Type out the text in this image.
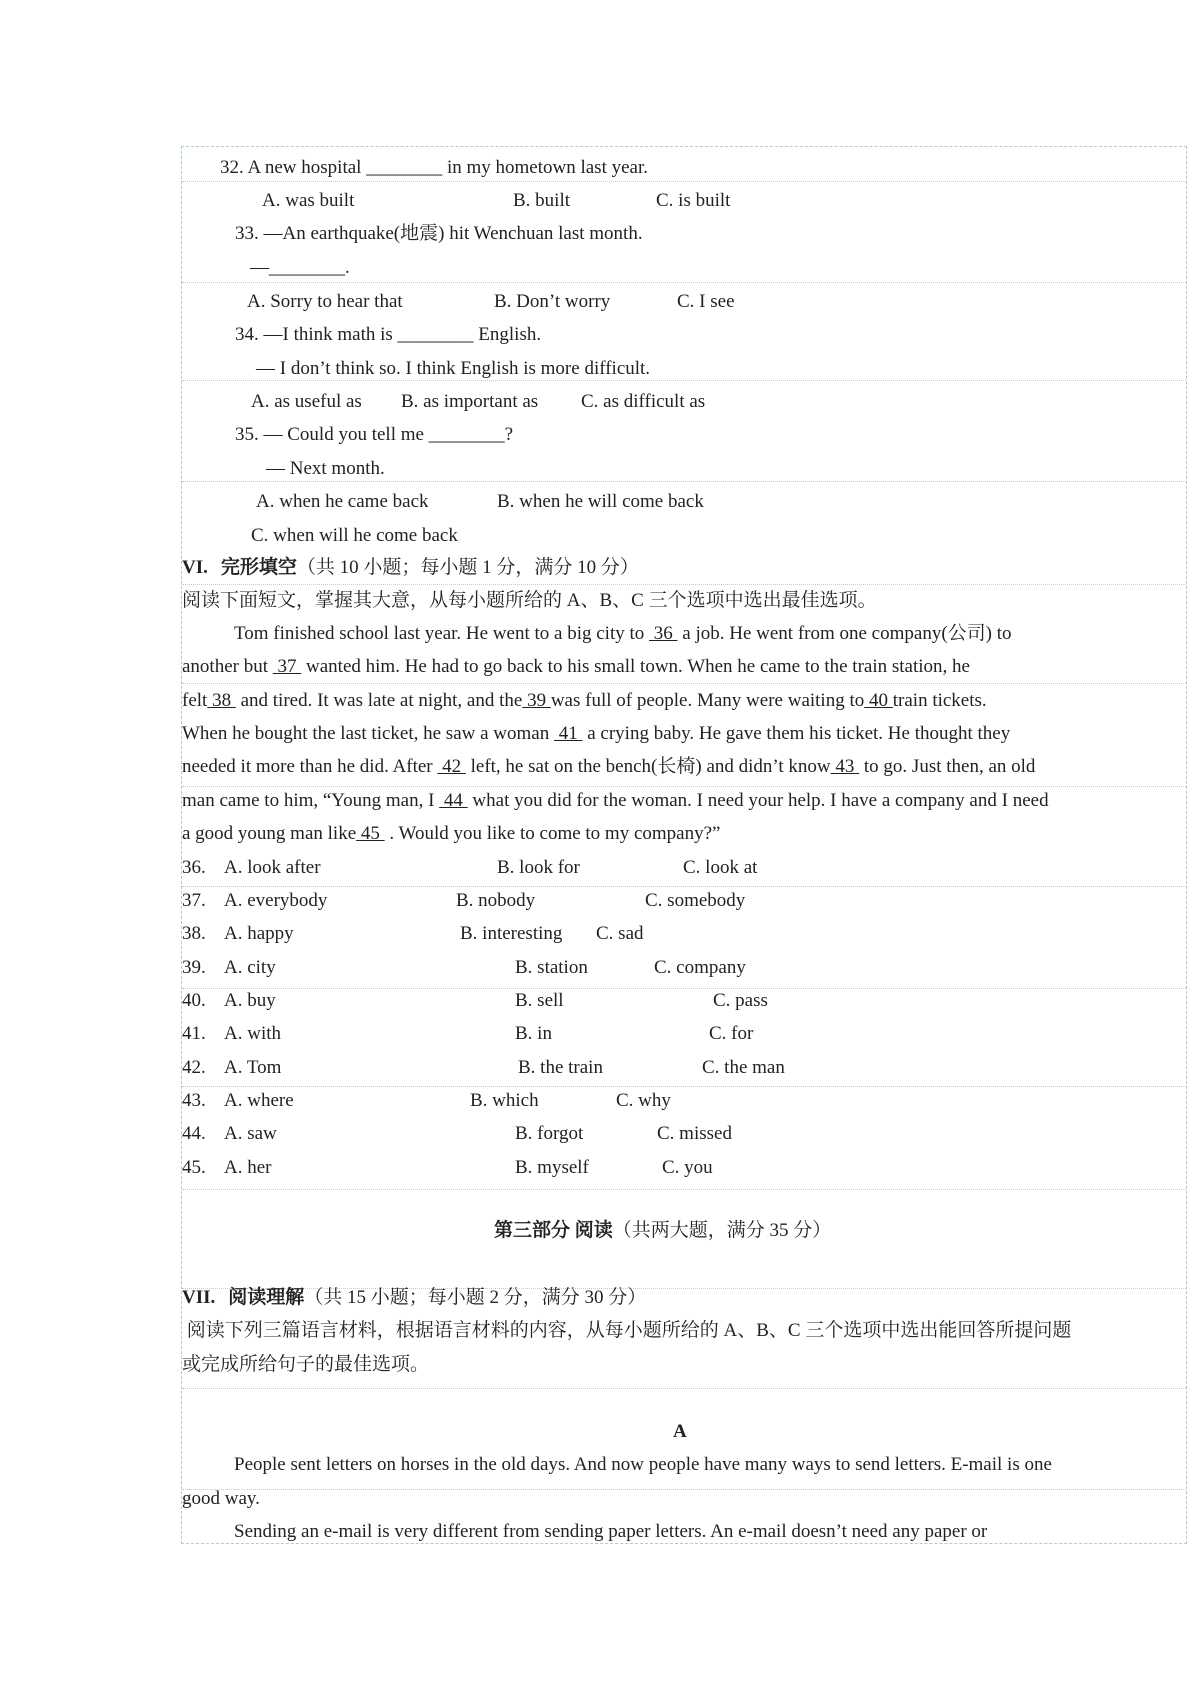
32. A new hospital ________ in my hometown last year.
A. was built	B. built	C. is built
33. —An earthquake(地震) hit Wenchuan last month.
—________.
A. Sorry to hear that	B. Don’t worry	C. I see
34. —I think math is ________ English.
— I don’t think so. I think English is more difficult.
A. as useful as B. as important as C. as difficult as
35. — Could you tell me ________?
— Next month.
A. when he came back	B. when he will come back
C. when will he come back
VI. 完形填空（共 10 小题；每小题 1 分，满分 10 分）
阅读下面短文，掌握其大意，从每小题所给的 A、B、C 三个选项中选出最佳选项。
Tom finished school last year. He went to a big city to  36  a job. He went from one company(公司) to
another but  37  wanted him. He had to go back to his small town. When he came to the train station, he
felt 38  and tired. It was late at night, and the 39 was full of people. Many were waiting to 40 train tickets.
When he bought the last ticket, he saw a woman  41  a crying baby. He gave them his ticket. He thought they
needed it more than he did. After  42  left, he sat on the bench(长椅) and didn’t know 43  to go. Just then, an old
man came to him, “Young man, I  44  what you did for the woman. I need your help. I have a company and I need
a good young man like 45  . Would you like to come to my company?”
36. A. look after	B. look for	C. look at
37. A. everybody	B. nobody	C. somebody
38. A. happy	B. interesting C. sad
39. A. city	B. station	C. company
40. A. buy	B. sell	C. pass
41. A. with	B. in	C. for
42. A. Tom	B. the train	C. the man
43. A. where	B. which	C. why
44. A. saw	B. forgot	C. missed
45. A. her	B. myself	C. you
第三部分 阅读（共两大题，满分 35 分）
VII. 阅读理解（共 15 小题；每小题 2 分，满分 30 分）
阅读下列三篇语言材料，根据语言材料的内容，从每小题所给的 A、B、C 三个选项中选出能回答所提问题
或完成所给句子的最佳选项。
A
People sent letters on horses in the old days. And now people have many ways to send letters. E-mail is one
good way.
Sending an e-mail is very different from sending paper letters. An e-mail doesn’t need any paper or
